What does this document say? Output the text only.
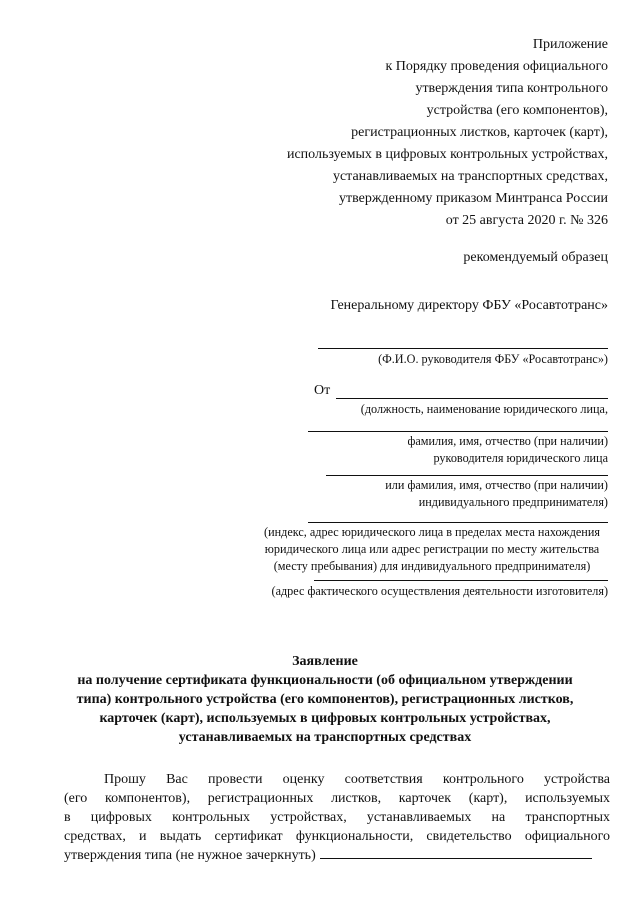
Приложение
к Порядку проведения официального
утверждения типа контрольного
устройства (его компонентов),
регистрационных листков, карточек (карт),
используемых в цифровых контрольных устройствах,
устанавливаемых на транспортных средствах,
утвержденному приказом Минтранса России
от 25 августа 2020 г. № 326
рекомендуемый образец
Генеральному директору ФБУ «Росавтотранс»
(Ф.И.О. руководителя ФБУ «Росавтотранс»)
От
(должность, наименование юридического лица,
фамилия, имя, отчество (при наличии)
руководителя юридического лица
или фамилия, имя, отчество (при наличии)
индивидуального предпринимателя)
(индекс, адрес юридического лица в пределах места нахождения
юридического лица или адрес регистрации по месту жительства
(месту пребывания) для индивидуального предпринимателя)
(адрес фактического осуществления деятельности изготовителя)
Заявление
на получение сертификата функциональности (об официальном утверждении
типа) контрольного устройства (его компонентов), регистрационных листков,
карточек (карт), используемых в цифровых контрольных устройствах,
устанавливаемых на транспортных средствах
Прошу Вас провести оценку соответствия контрольного устройства
(его компонентов), регистрационных листков, карточек (карт), используемых
в цифровых контрольных устройствах, устанавливаемых на транспортных
средствах, и выдать сертификат функциональности, свидетельство официального
утверждения типа (не нужное зачеркнуть)
